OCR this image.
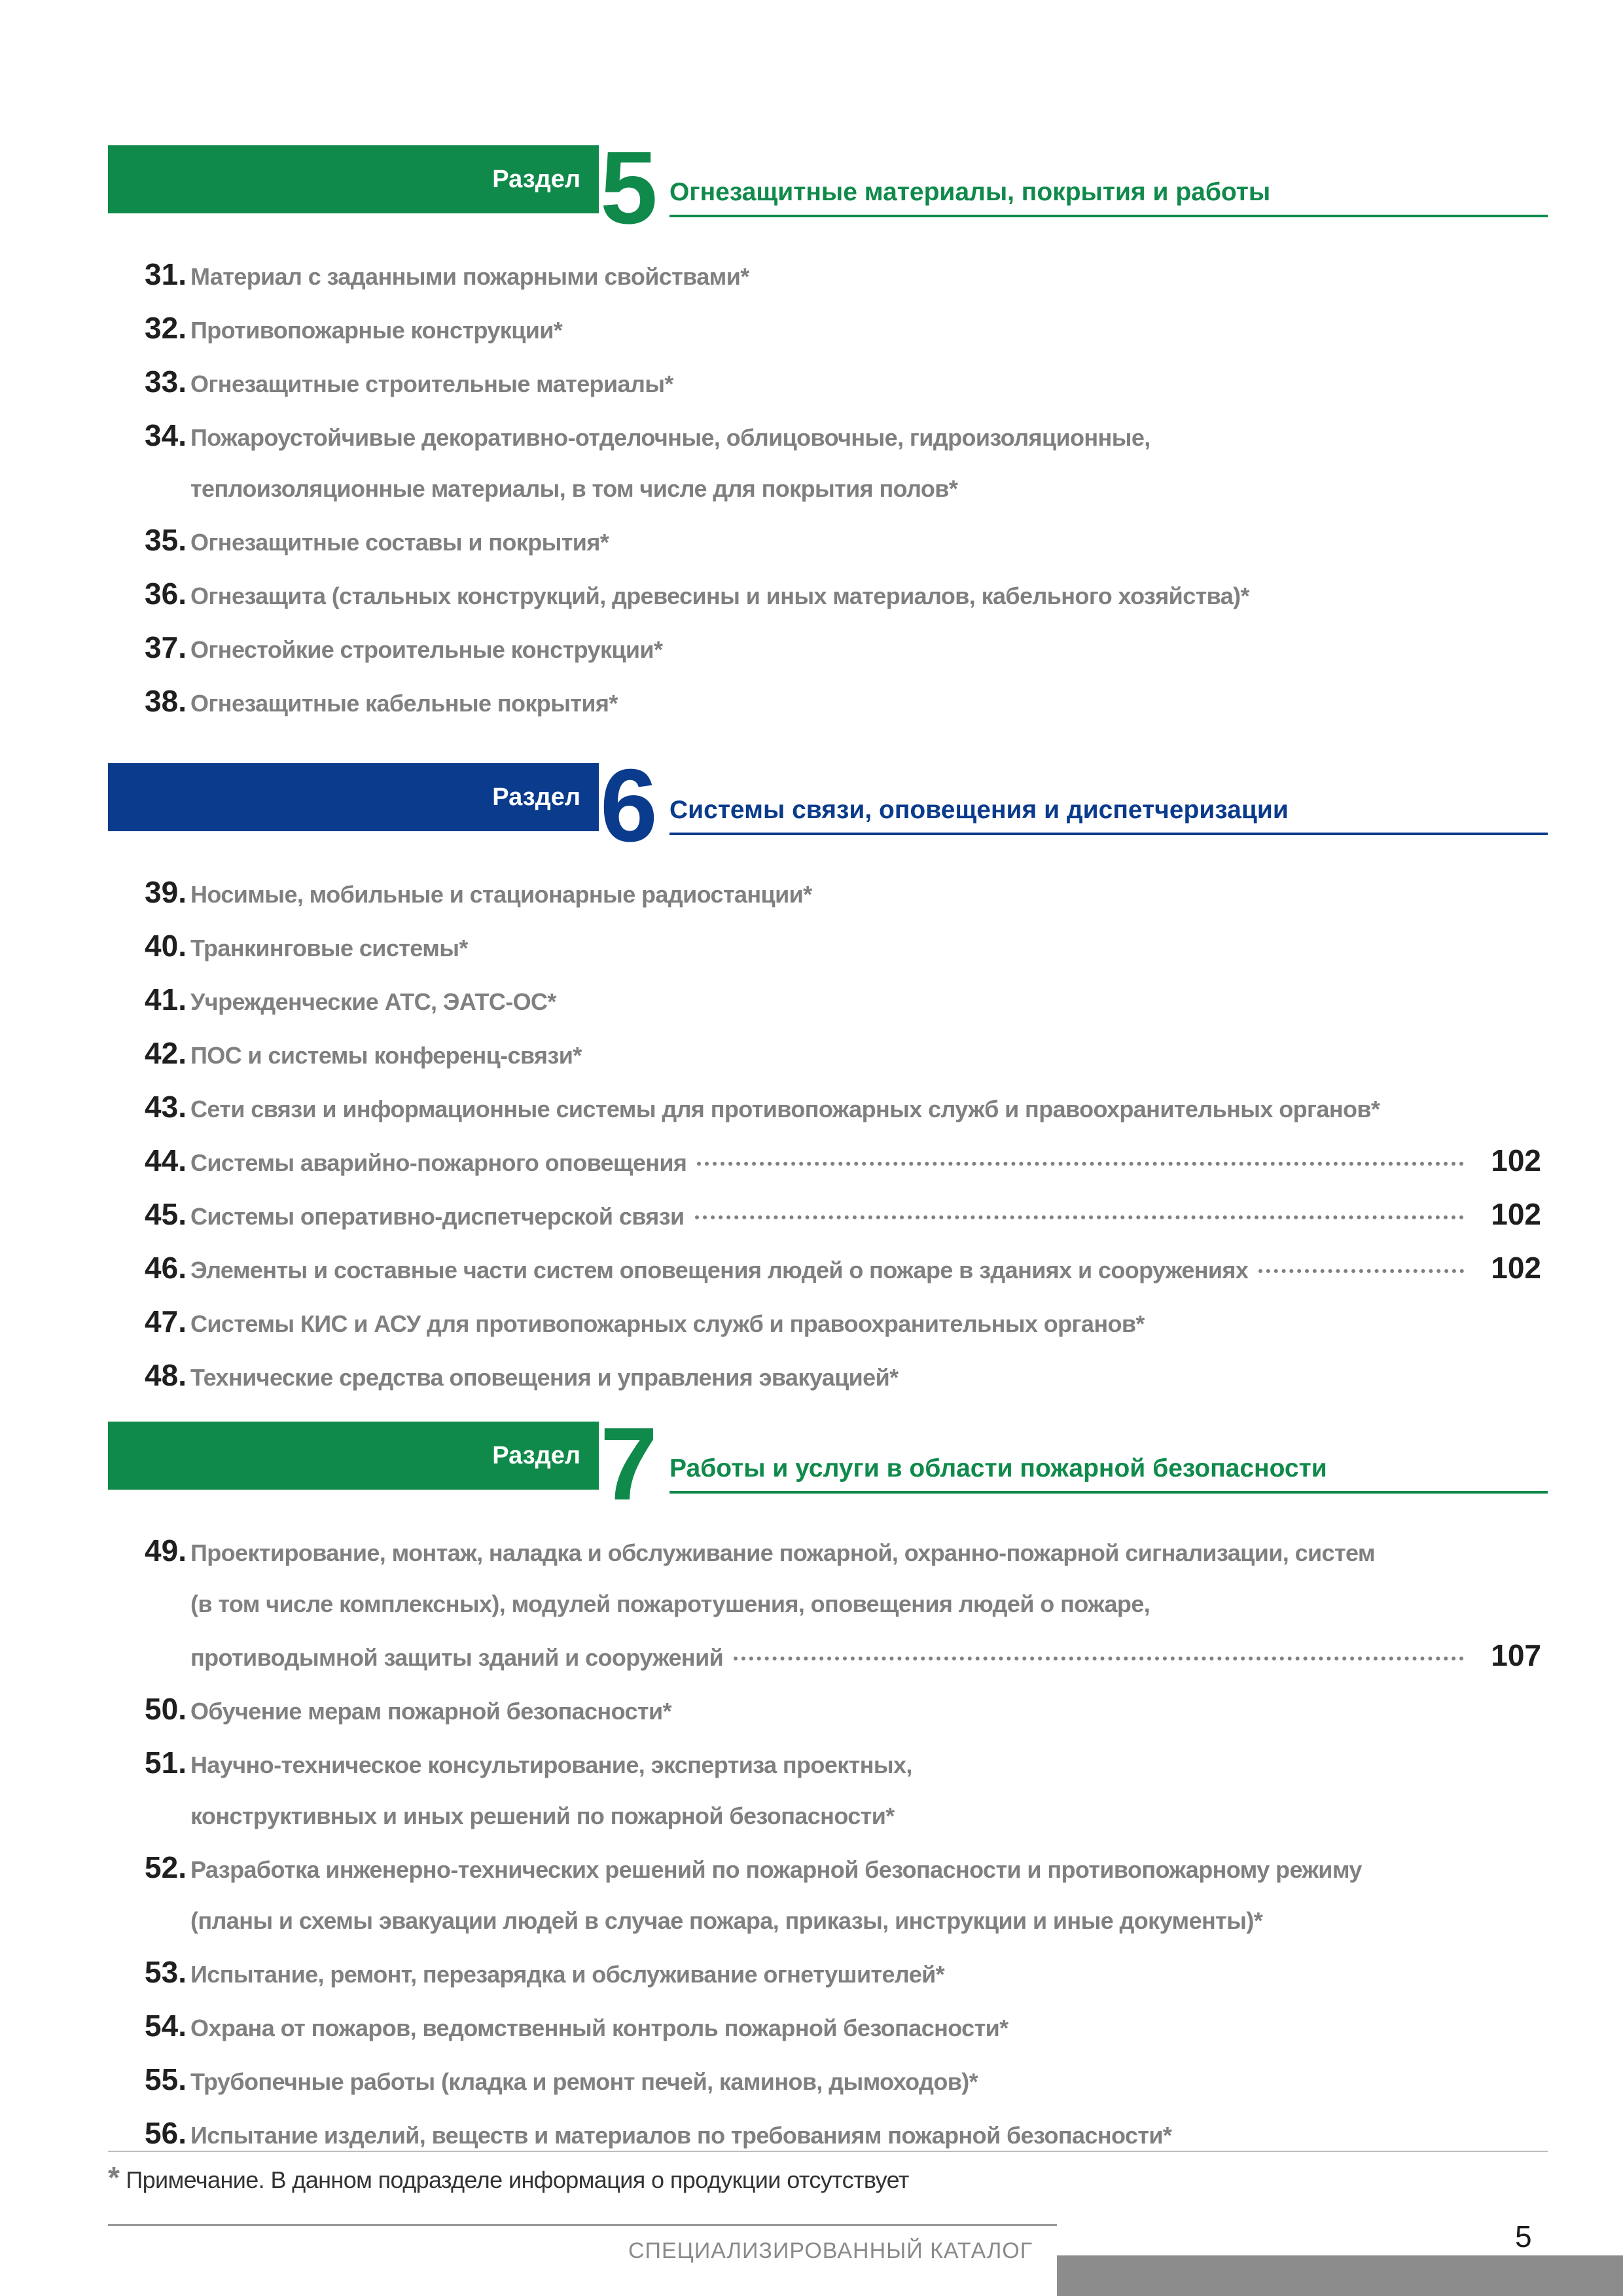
Раздел 5 Огнезащитные материалы, покрытия и работы
31. Материал с заданными пожарными свойствами*
32. Противопожарные конструкции*
33. Огнезащитные строительные материалы*
34. Пожароустойчивые декоративно-отделочные, облицовочные, гидроизоляционные,
теплоизоляционные материалы, в том числе для покрытия полов*
35. Огнезащитные составы и покрытия*
36. Огнезащита (стальных конструкций, древесины и иных материалов, кабельного хозяйства)*
37. Огнестойкие строительные конструкции*
38. Огнезащитные кабельные покрытия*
Раздел 6 Системы связи, оповещения и диспетчеризации
39. Носимые, мобильные и стационарные радиостанции*
40. Транкинговые системы*
41. Учрежденческие АТС, ЭАТС-ОС*
42. ПОС и системы конференц-связи*
43. Сети связи и информационные системы для противопожарных служб и правоохранительных органов*
44. Системы аварийно-пожарного оповещения	102
45. Системы оперативно-диспетчерской связи	102
46. Элементы и составные части систем оповещения людей о пожаре в зданиях и сооружениях	102
47. Системы КИС и АСУ для противопожарных служб и правоохранительных органов*
48. Технические средства оповещения и управления эвакуацией*
Раздел 7 Работы и услуги в области пожарной безопасности
49. Проектирование, монтаж, наладка и обслуживание пожарной, охранно-пожарной сигнализации, систем
(в том числе комплексных), модулей пожаротушения, оповещения людей о пожаре,
противодымной защиты зданий и сооружений	107
50. Обучение мерам пожарной безопасности*
51. Научно-техническое консультирование, экспертиза проектных,
конструктивных и иных решений по пожарной безопасности*
52. Разработка инженерно-технических решений по пожарной безопасности и противопожарному режиму
(планы и схемы эвакуации людей в случае пожара, приказы, инструкции и иные документы)*
53. Испытание, ремонт, перезарядка и обслуживание огнетушителей*
54. Охрана от пожаров, ведомственный контроль пожарной безопасности*
55. Трубопечные работы (кладка и ремонт печей, каминов, дымоходов)*
56. Испытание изделий, веществ и материалов по требованиям пожарной безопасности*
* Примечание. В данном подразделе информация о продукции отсутствует
СПЕЦИАЛИЗИРОВАННЫЙ КАТАЛОГ	5
